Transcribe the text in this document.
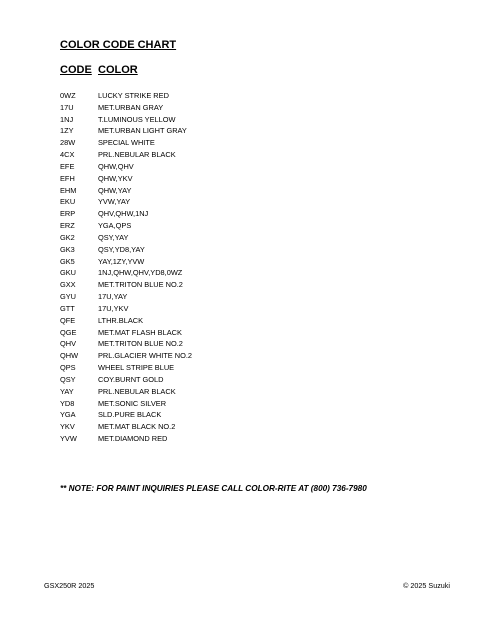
COLOR CODE CHART
CODE COLOR
0WZ	LUCKY STRIKE RED
17U	MET.URBAN GRAY
1NJ	T.LUMINOUS YELLOW
1ZY	MET.URBAN LIGHT GRAY
28W	SPECIAL WHITE
4CX	PRL.NEBULAR BLACK
EFE	QHW,QHV
EFH	QHW,YKV
EHM	QHW,YAY
EKU	YVW,YAY
ERP	QHV,QHW,1NJ
ERZ	YGA,QPS
GK2	QSY,YAY
GK3	QSY,YD8,YAY
GK5	YAY,1ZY,YVW
GKU	1NJ,QHW,QHV,YD8,0WZ
GXX	MET.TRITON BLUE NO.2
GYU	17U,YAY
GTT	17U,YKV
QFE	LTHR.BLACK
QGE	MET.MAT FLASH BLACK
QHV	MET.TRITON BLUE NO.2
QHW	PRL.GLACIER WHITE NO.2
QPS	WHEEL STRIPE BLUE
QSY	COY.BURNT GOLD
YAY	PRL.NEBULAR BLACK
YD8	MET.SONIC SILVER
YGA	SLD.PURE BLACK
YKV	MET.MAT BLACK NO.2
YVW	MET.DIAMOND RED
** NOTE: FOR PAINT INQUIRIES PLEASE CALL COLOR-RITE AT (800) 736-7980
GSX250R 2025	© 2025 Suzuki
